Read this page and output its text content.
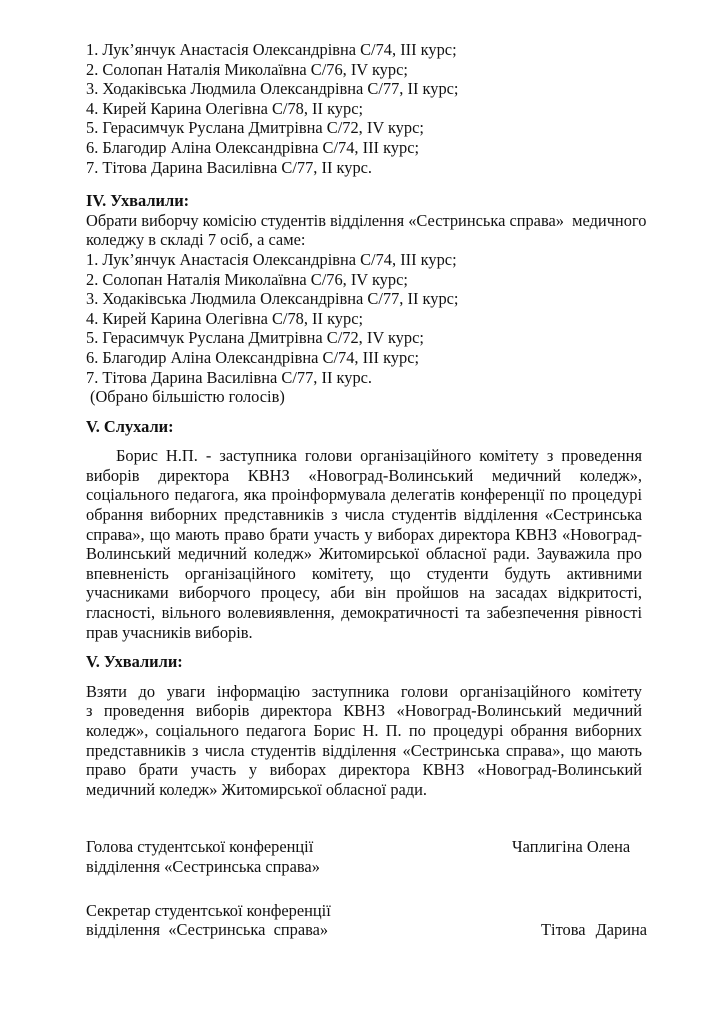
1. Лук’янчук Анастасія Олександрівна С/74, ІІІ курс;
2. Солопан Наталія Миколаївна С/76, ІV курс;
3. Ходаківська Людмила Олександрівна С/77, ІІ курс;
4. Кирей Карина Олегівна С/78, ІІ курс;
5. Герасимчук Руслана Дмитрівна С/72, ІV курс;
6. Благодир Аліна Олександрівна С/74, ІІІ курс;
7. Тітова Дарина Василівна С/77, ІІ курс.
IV. Ухвалили:
Обрати виборчу комісію студентів відділення «Сестринська справа»  медичного
коледжу в складі 7 осіб, а саме:
1. Лук’янчук Анастасія Олександрівна С/74, ІІІ курс;
2. Солопан Наталія Миколаївна С/76, ІV курс;
3. Ходаківська Людмила Олександрівна С/77, ІІ курс;
4. Кирей Карина Олегівна С/78, ІІ курс;
5. Герасимчук Руслана Дмитрівна С/72, ІV курс;
6. Благодир Аліна Олександрівна С/74, ІІІ курс;
7. Тітова Дарина Василівна С/77, ІІ курс.
(Обрано більшістю голосів)
V. Слухали:
Борис Н.П. - заступника голови організаційного комітету з проведення
виборів директора КВНЗ «Новоград-Волинський медичний коледж»,
соціального педагога, яка проінформувала делегатів конференції по процедурі
обрання виборних представників з числа студентів відділення «Сестринська
справа», що мають право брати участь у виборах директора КВНЗ «Новоград-
Волинський медичний коледж» Житомирської обласної ради. Зауважила про
впевненість організаційного комітету, що студенти будуть активними
учасниками виборчого процесу, аби він пройшов на засадах відкритості,
гласності, вільного волевиявлення, демократичності та забезпечення рівності
прав учасників виборів.
V. Ухвалили:
Взяти до уваги інформацію заступника голови організаційного комітету
з проведення виборів директора КВНЗ «Новоград-Волинський медичний
коледж», соціального педагога Борис Н. П. по процедурі обрання виборних
представників з числа студентів відділення «Сестринська справа», що мають
право брати участь у виборах директора КВНЗ «Новоград-Волинський
медичний коледж» Житомирської обласної ради.
Голова студентської конференції	Чаплигіна Олена
відділення «Сестринська справа»
Секретар студентської конференції
відділення  «Сестринська  справа»	Тітова Дарина
